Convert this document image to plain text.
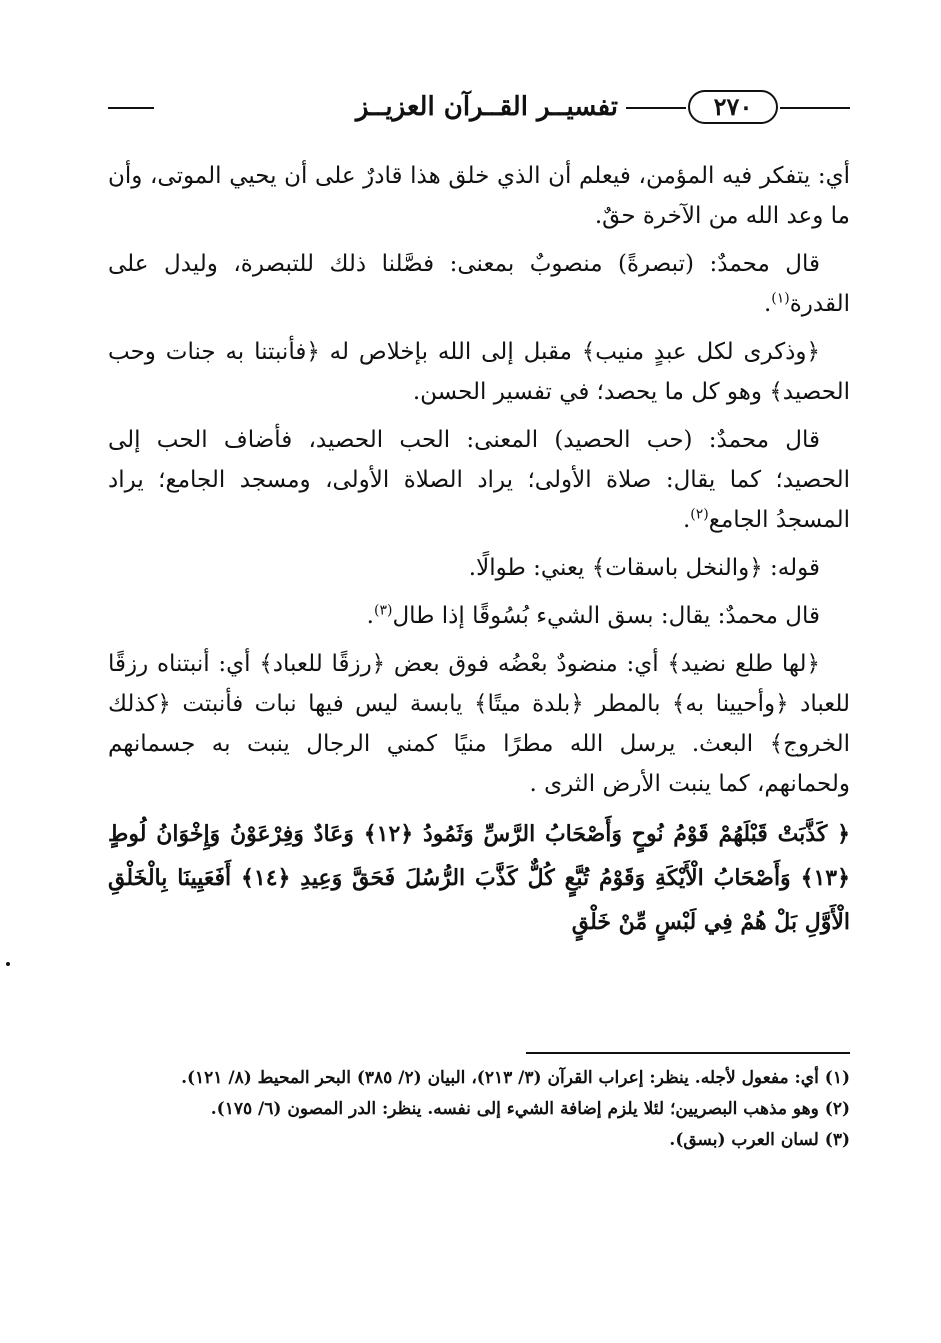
٢٧٠
تفسيــر القــرآن العزيــز

أي: يتفكر فيه المؤمن، فيعلم أن الذي خلق هذا قادرٌ على أن يحيي الموتى، وأن ما وعد الله من الآخرة حقٌ.

قال محمدٌ: (تبصرةً) منصوبٌ بمعنى: فصَّلنا ذلك للتبصرة، وليدل على القدرة$^{(١)}$.

﴿وذكرى لكل عبدٍ منيب﴾ مقبل إلى الله بإخلاص له ﴿فأنبتنا به جنات وحب الحصيد﴾ وهو كل ما يحصد؛ في تفسير الحسن.

قال محمدٌ: (حب الحصيد) المعنى: الحب الحصيد، فأضاف الحب إلى الحصيد؛ كما يقال: صلاة الأولى؛ يراد الصلاة الأولى، ومسجد الجامع؛ يراد المسجدُ الجامع$^{(٢)}$.

قوله: ﴿والنخل باسقات﴾ يعني: طوالًا.

قال محمدٌ: يقال: بسق الشيء بُسُوقًا إذا طال$^{(٣)}$.

﴿لها طلع نضيد﴾ أي: منضودٌ بعْضُه فوق بعض ﴿رزقًا للعباد﴾ أي: أنبتناه رزقًا للعباد ﴿وأحيينا به﴾ بالمطر ﴿بلدة ميتًا﴾ يابسة ليس فيها نبات فأنبتت ﴿كذلك الخروج﴾ البعث. يرسل الله مطرًا منيًا كمني الرجال ينبت به جسمانهم ولحمانهم، كما ينبت الأرض الثرى .

﴿ كَذَّبَتْ قَبْلَهُمْ قَوْمُ نُوحٍ وَأَصْحَابُ الرَّسِّ وَثَمُودُ ﴿١٢﴾ وَعَادٌ وَفِرْعَوْنُ وَإِخْوَانُ لُوطٍ ﴿١٣﴾ وَأَصْحَابُ الْأَيْكَةِ وَقَوْمُ تُبَّعٍ كُلٌّ كَذَّبَ الرُّسُلَ فَحَقَّ وَعِيدِ ﴿١٤﴾ أَفَعَيِينَا بِالْخَلْقِ الْأَوَّلِ بَلْ هُمْ فِي لَبْسٍ مِّنْ خَلْقٍ

(١) أي: مفعول لأجله. ينظر: إعراب القرآن (٣/ ٢١٣)، البيان (٢/ ٣٨٥) البحر المحيط (٨/ ١٢١).

(٢) وهو مذهب البصريين؛ لئلا يلزم إضافة الشيء إلى نفسه. ينظر: الدر المصون (٦/ ١٧٥).

(٣) لسان العرب (بسق).
